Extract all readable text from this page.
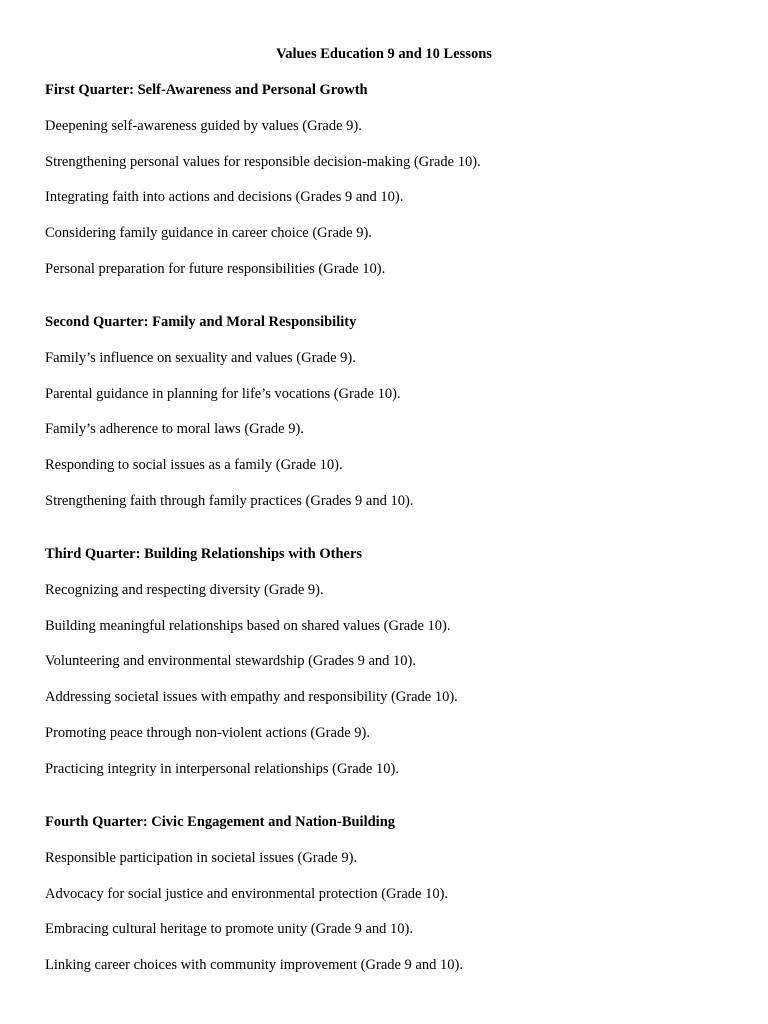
Values Education 9 and 10 Lessons

First Quarter: Self-Awareness and Personal Growth

Deepening self-awareness guided by values (Grade 9).

Strengthening personal values for responsible decision-making (Grade 10).

Integrating faith into actions and decisions (Grades 9 and 10).

Considering family guidance in career choice (Grade 9).

Personal preparation for future responsibilities (Grade 10).

Second Quarter: Family and Moral Responsibility

Family’s influence on sexuality and values (Grade 9).

Parental guidance in planning for life’s vocations (Grade 10).

Family’s adherence to moral laws (Grade 9).

Responding to social issues as a family (Grade 10).

Strengthening faith through family practices (Grades 9 and 10).

Third Quarter: Building Relationships with Others

Recognizing and respecting diversity (Grade 9).

Building meaningful relationships based on shared values (Grade 10).

Volunteering and environmental stewardship (Grades 9 and 10).

Addressing societal issues with empathy and responsibility (Grade 10).

Promoting peace through non-violent actions (Grade 9).

Practicing integrity in interpersonal relationships (Grade 10).

Fourth Quarter: Civic Engagement and Nation-Building

Responsible participation in societal issues (Grade 9).

Advocacy for social justice and environmental protection (Grade 10).

Embracing cultural heritage to promote unity (Grade 9 and 10).

Linking career choices with community improvement (Grade 9 and 10).
